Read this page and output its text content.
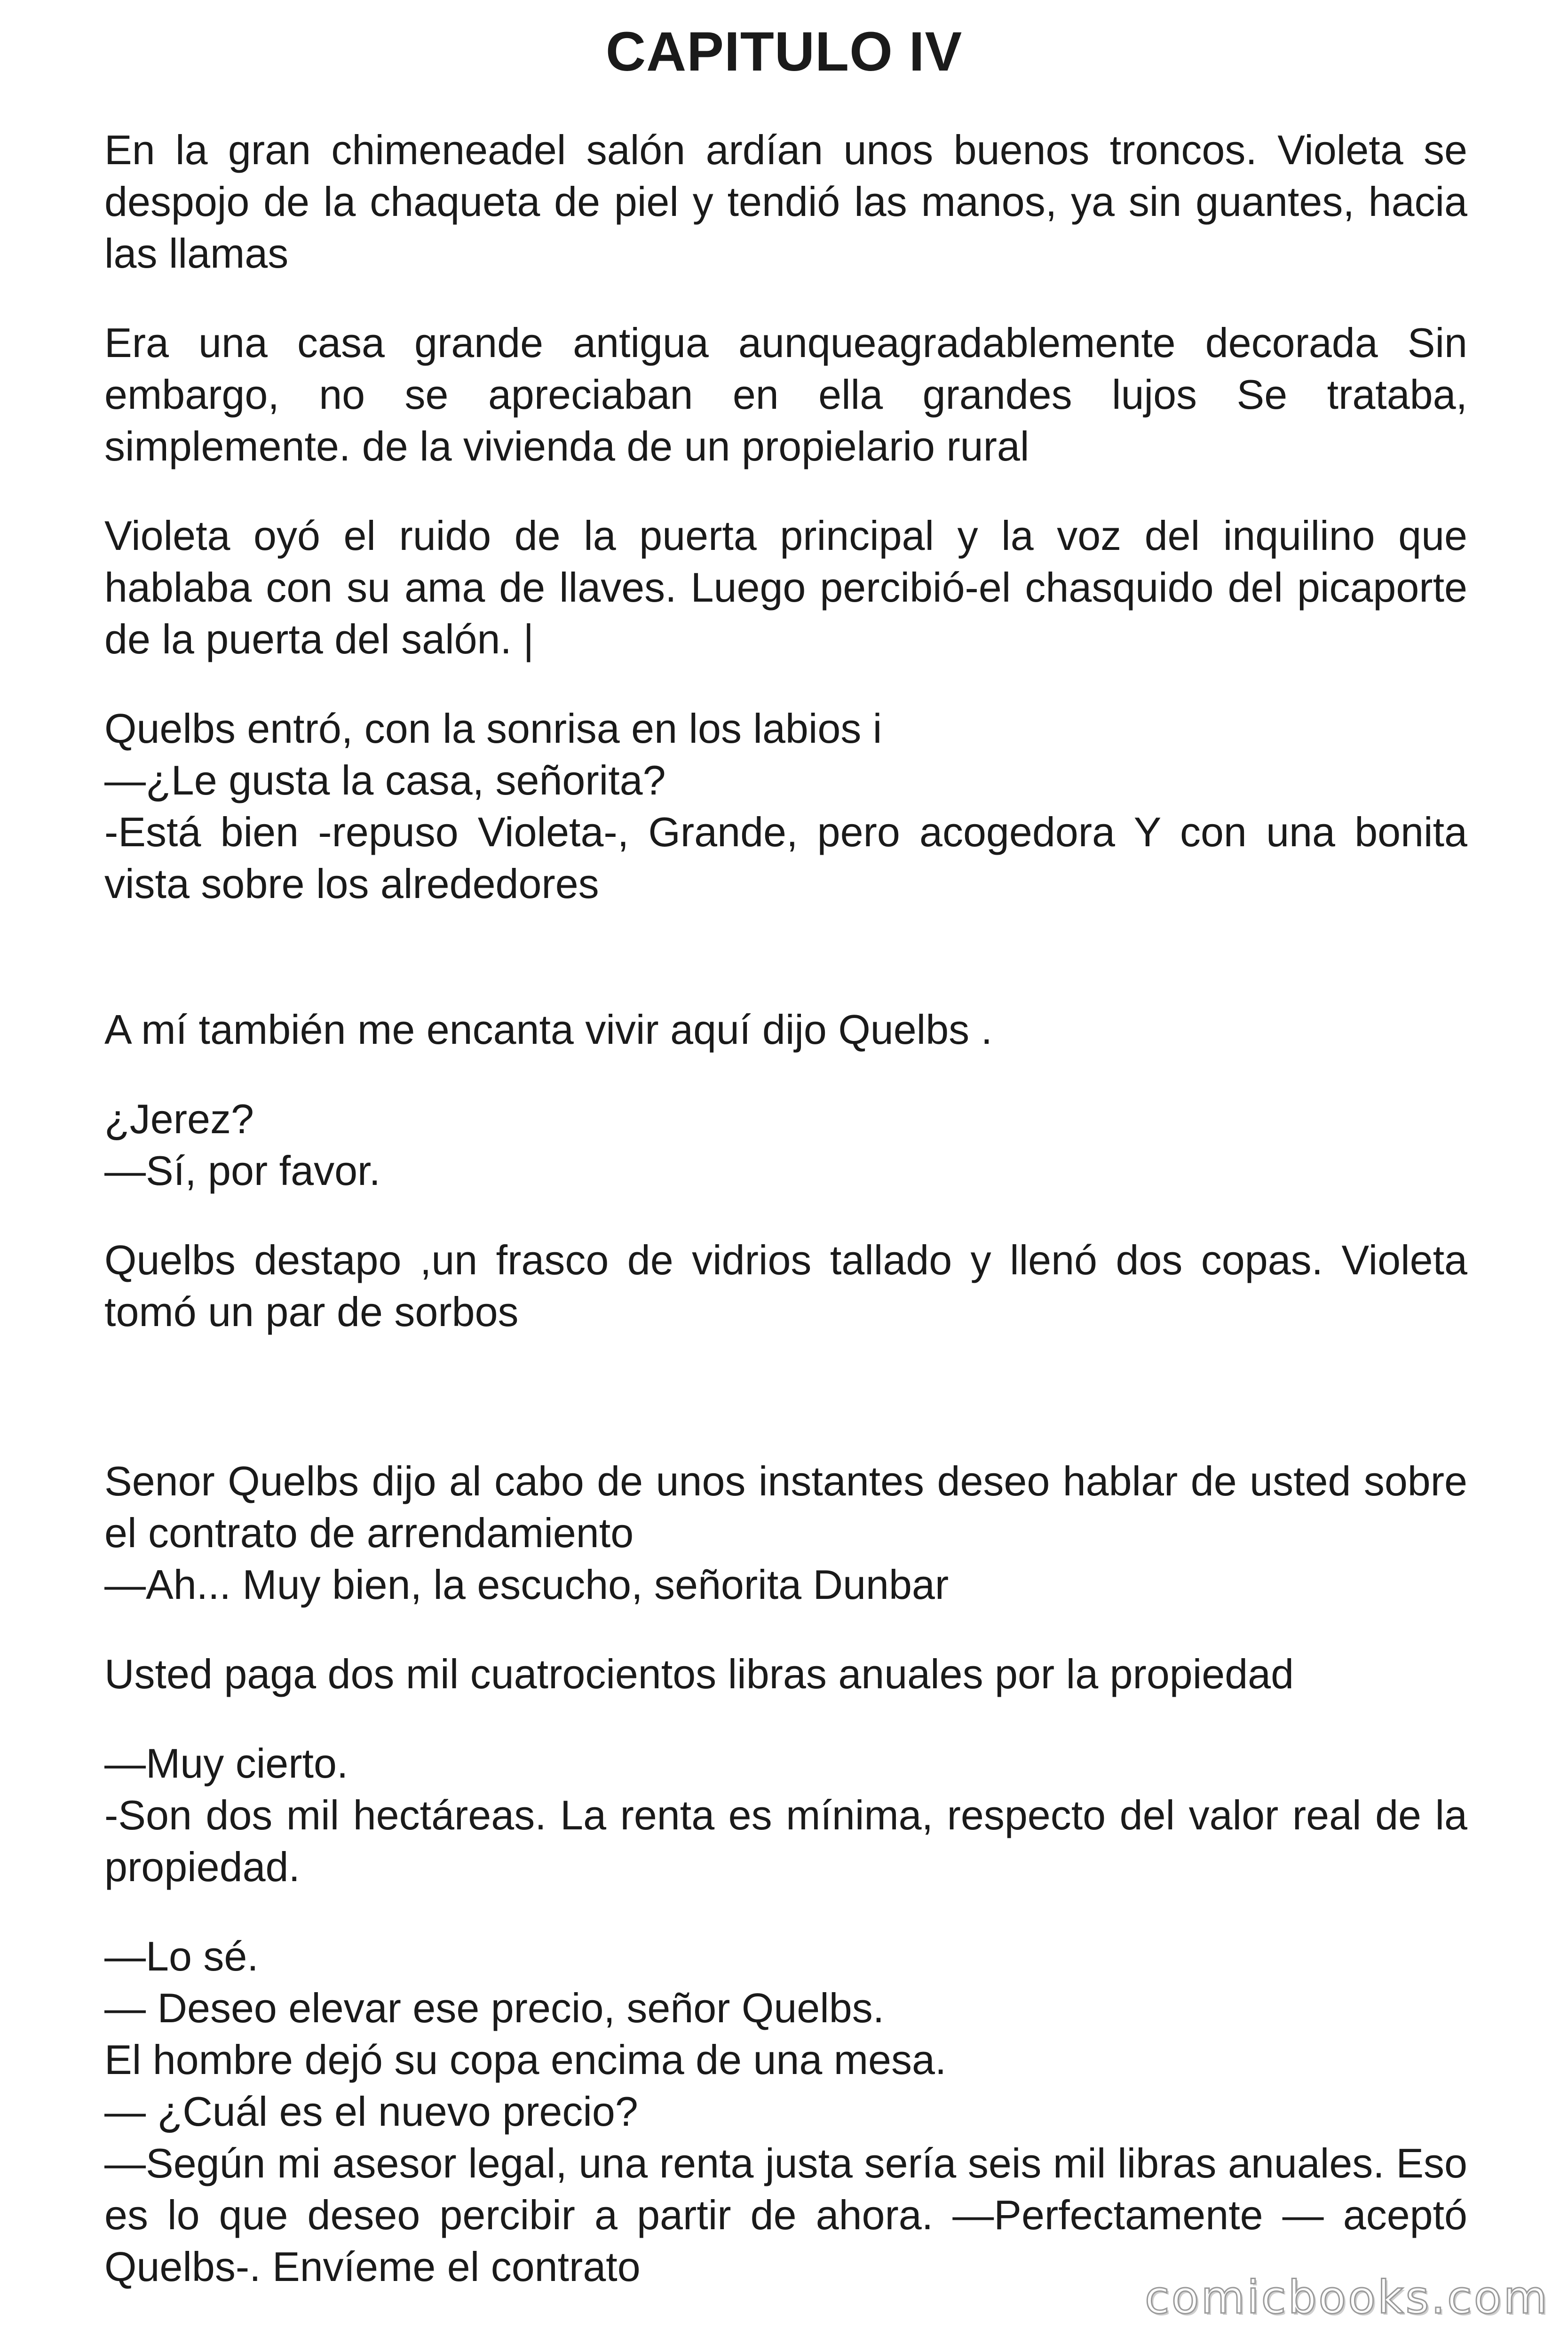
CAPITULO IV

En la gran chimeneadel salón ardían unos buenos troncos. Violeta se despojo de la chaqueta de piel y tendió las manos, ya sin guantes, hacia las llamas

Era una casa grande antigua aunqueagradablemente decorada Sin embargo, no se apreciaban en ella grandes lujos Se trataba, simplemente. de la vivienda de un propielario rural

Violeta oyó el ruido de la puerta principal y la voz del inquilino que hablaba con su ama de llaves. Luego percibió-el chasquido del picaporte de la puerta del salón. |

Quelbs entró, con la sonrisa en los labios i
—¿Le gusta la casa, señorita?
-Está bien -repuso Violeta-, Grande, pero acogedora Y con una bonita vista sobre los alrededores

A mí también me encanta vivir aquí dijo Quelbs .

¿Jerez?
—Sí, por favor.

Quelbs destapo ,un frasco de vidrios tallado y llenó dos copas. Violeta tomó un par de sorbos

Senor Quelbs dijo al cabo de unos instantes deseo hablar de usted sobre el contrato de arrendamiento
—Ah... Muy bien, la escucho, señorita Dunbar

Usted paga dos mil cuatrocientos libras anuales por la propiedad

—Muy cierto.
-Son dos mil hectáreas. La renta es mínima, respecto del valor real de la propiedad.

—Lo sé.
— Deseo elevar ese precio, señor Quelbs.
El hombre dejó su copa encima de una mesa.
— ¿Cuál es el nuevo precio?
—Según mi asesor legal, una renta justa sería seis mil libras anuales. Eso es lo que deseo percibir a partir de ahora. —Perfectamente — aceptó Quelbs-. Envíeme el contrato

comicbooks.com
